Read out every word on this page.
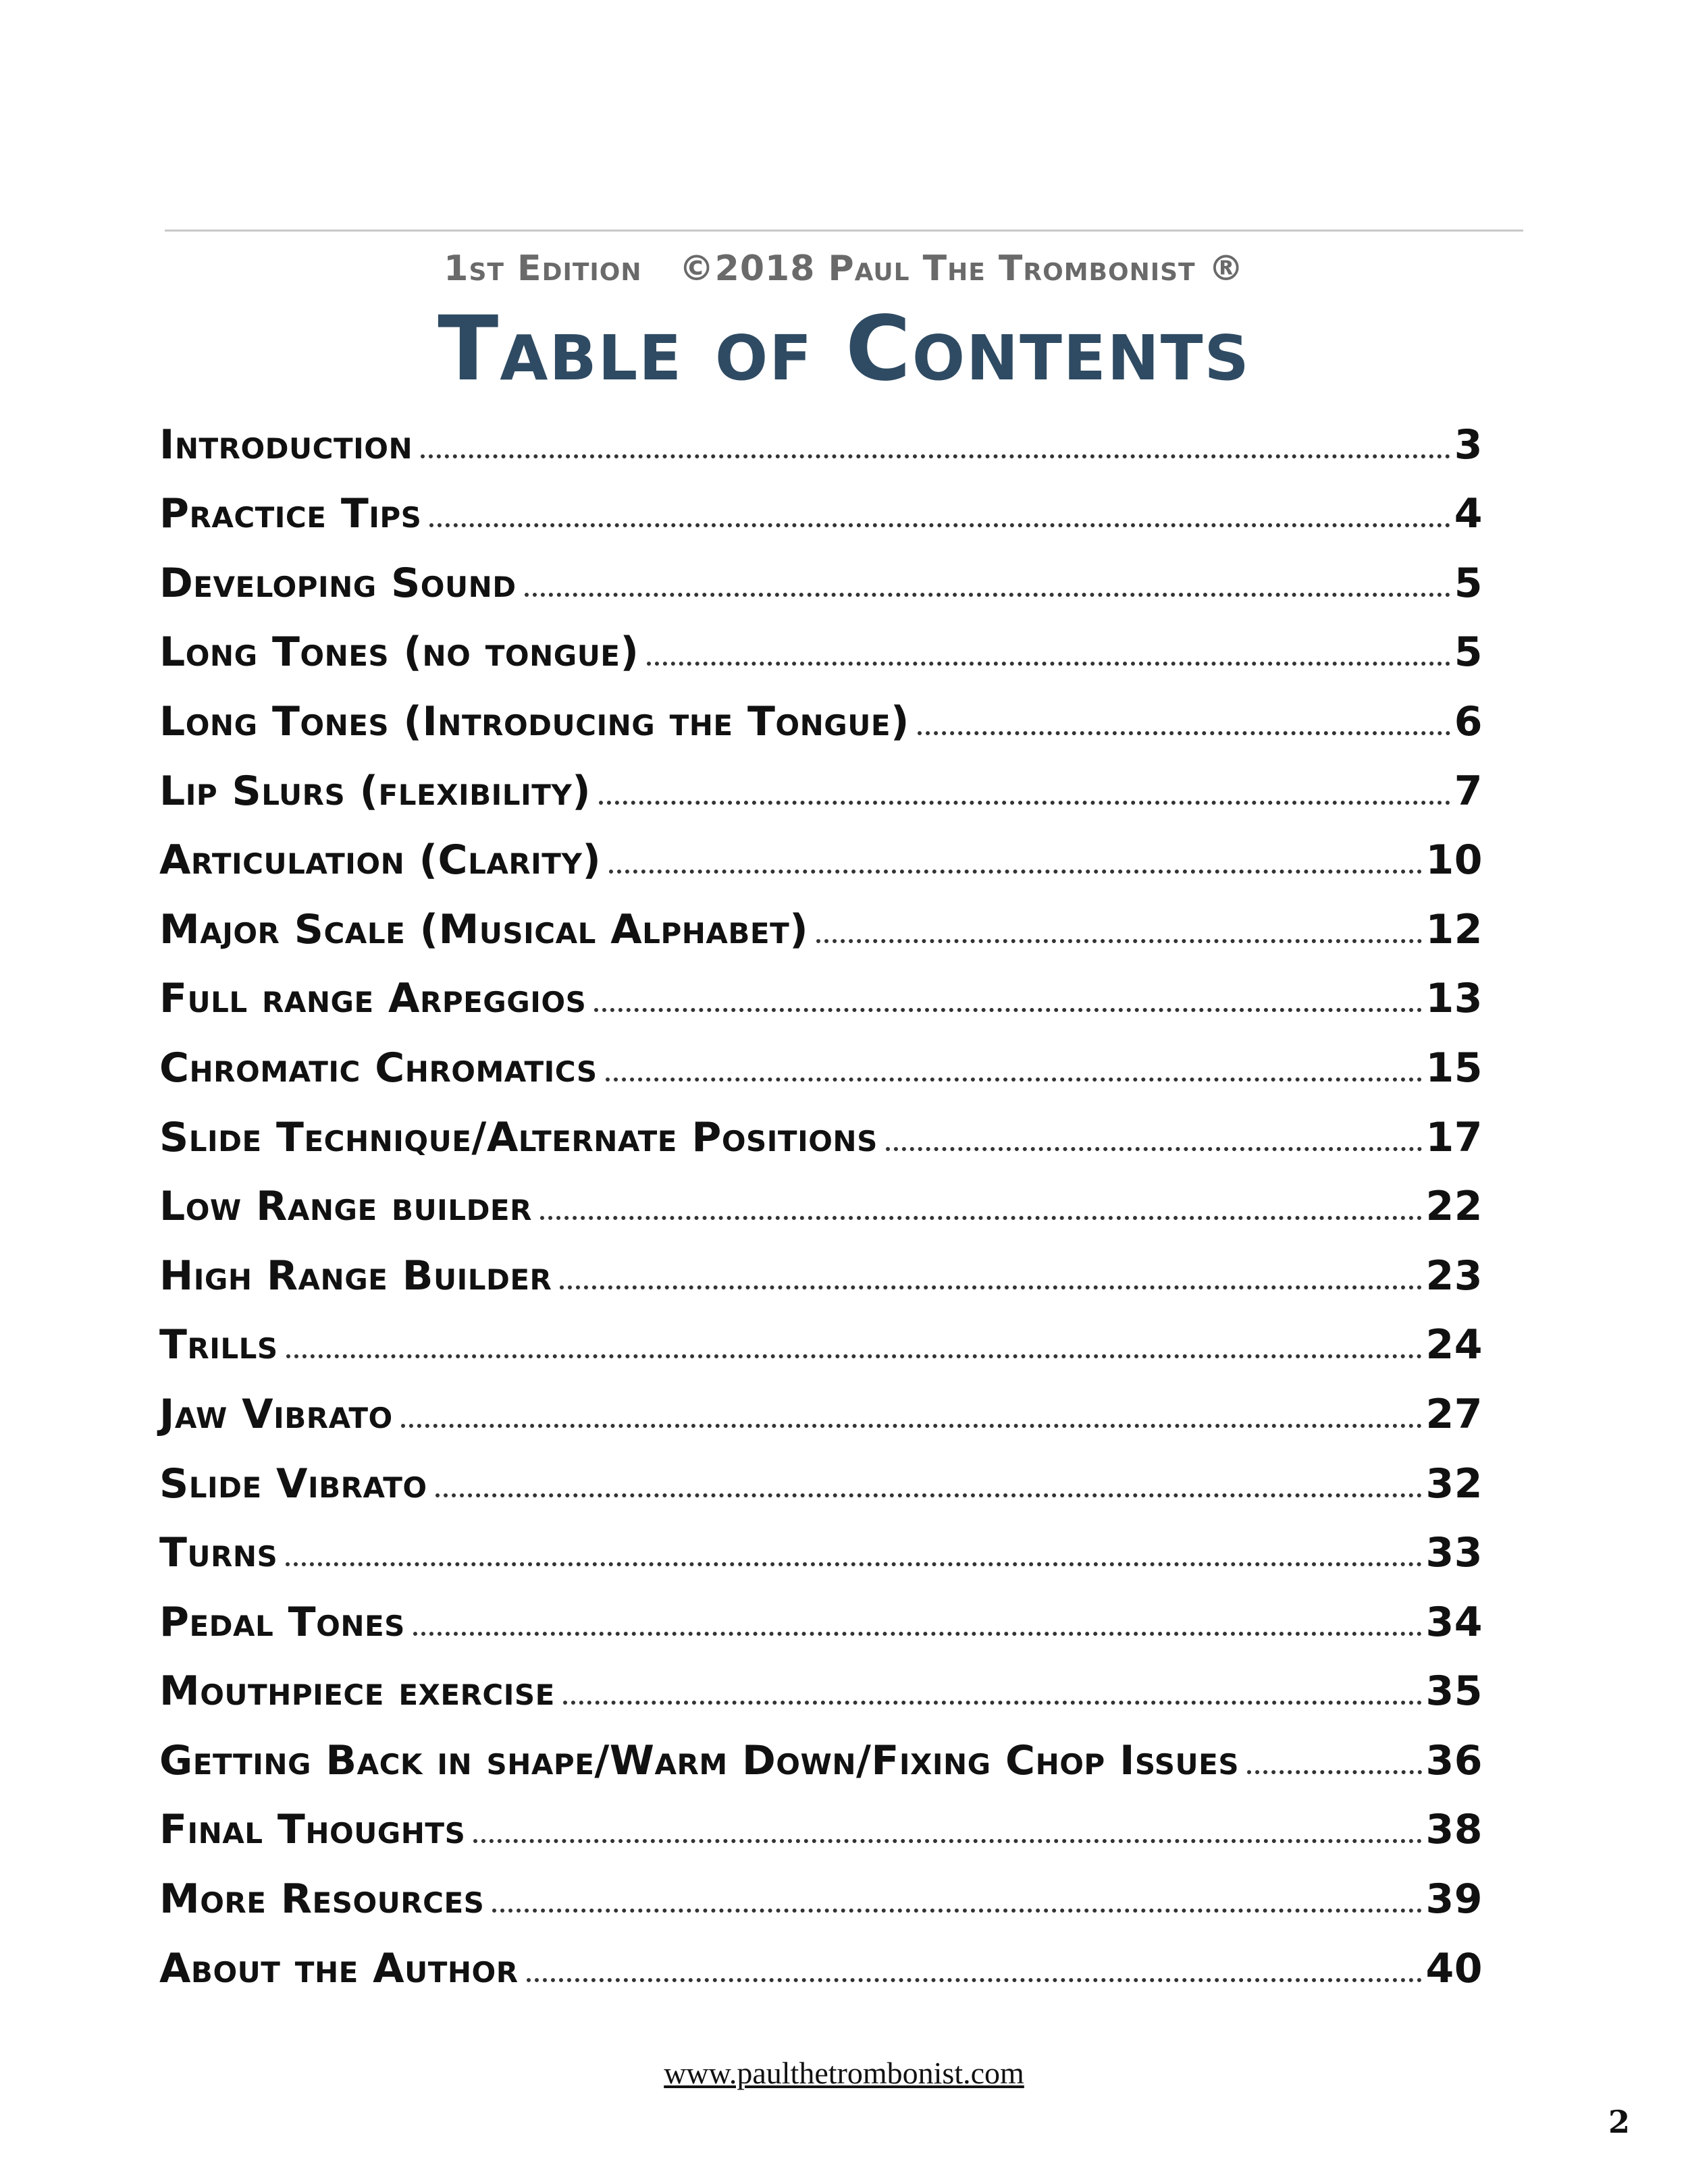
1st Edition ©2018 Paul The Trombonist ®
Table of Contents
Introduction	3
Practice Tips	4
Developing Sound	5
Long Tones (no tongue)	5
Long Tones (Introducing the Tongue)	6
Lip Slurs (flexibility)	7
Articulation (Clarity)	10
Major Scale (Musical Alphabet)	12
Full range Arpeggios	13
Chromatic Chromatics	15
Slide Technique/Alternate Positions	17
Low Range builder	22
High Range Builder	23
Trills	24
Jaw Vibrato	27
Slide Vibrato	32
Turns	33
Pedal Tones	34
Mouthpiece exercise	35
Getting Back in shape/Warm Down/Fixing Chop Issues	36
Final Thoughts	38
More Resources	39
About the Author	40
www.paulthetrombonist.com
2
